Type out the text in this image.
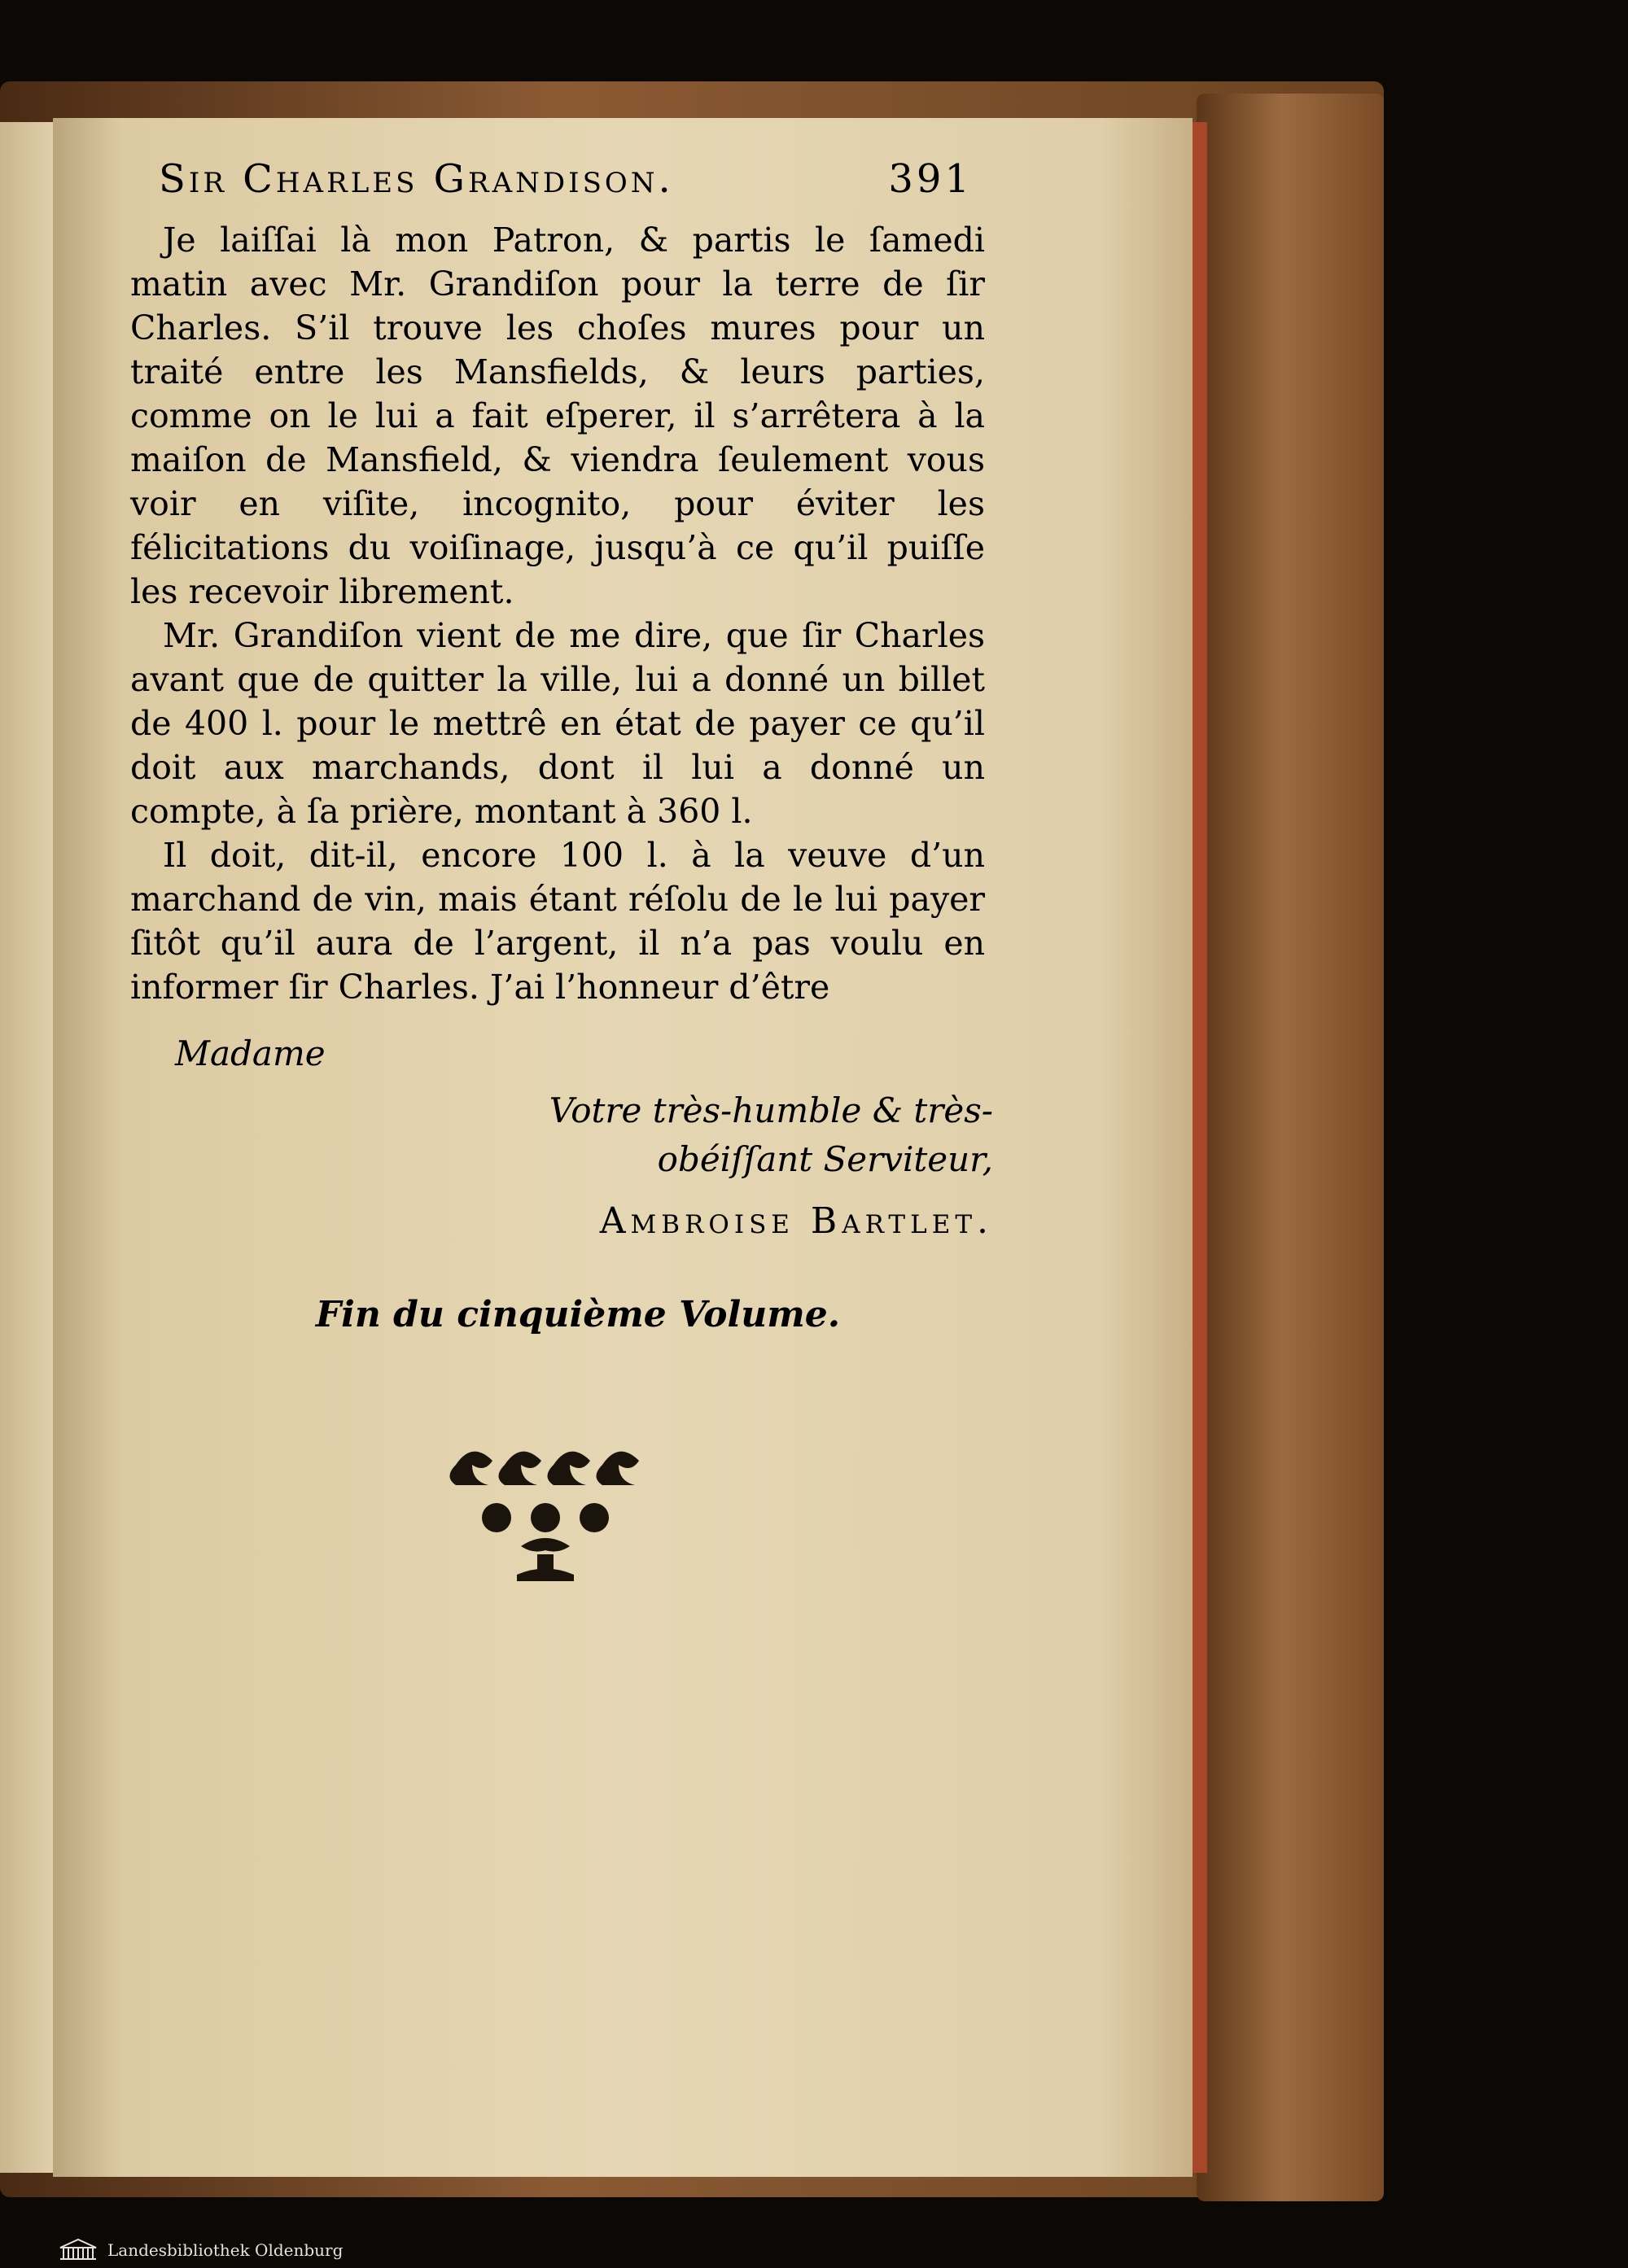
Sir Charles Grandison.	391

Je laiſſai là mon Patron, & partis le ſamedi matin avec Mr. Grandiſon pour la terre de ſir Charles. S’il trouve les choſes mures pour un traité entre les Mansfields, & leurs parties, comme on le lui a fait eſperer, il s’arrêtera à la maiſon de Mansfield, & viendra ſeulement vous voir en viſite, incognito, pour éviter les félicitations du voiſinage, jusqu’à ce qu’il puiſſe les recevoir librement.

Mr. Grandiſon vient de me dire, que ſir Charles avant que de quitter la ville, lui a donné un billet de 400 l. pour le mettrê en état de payer ce qu’il doit aux marchands, dont il lui a donné un compte, à ſa prière, montant à 360 l.

Il doit, dit-il, encore 100 l. à la veuve d’un marchand de vin, mais étant réſolu de le lui payer ſitôt qu’il aura de l’argent, il n’a pas voulu en informer ſir Charles. J’ai l’honneur d’être

Madame
Votre très-humble & très-
obéiſſant Serviteur,
Ambroise Bartlet.
Fin du cinquième Volume.
Landesbibliothek Oldenburg
